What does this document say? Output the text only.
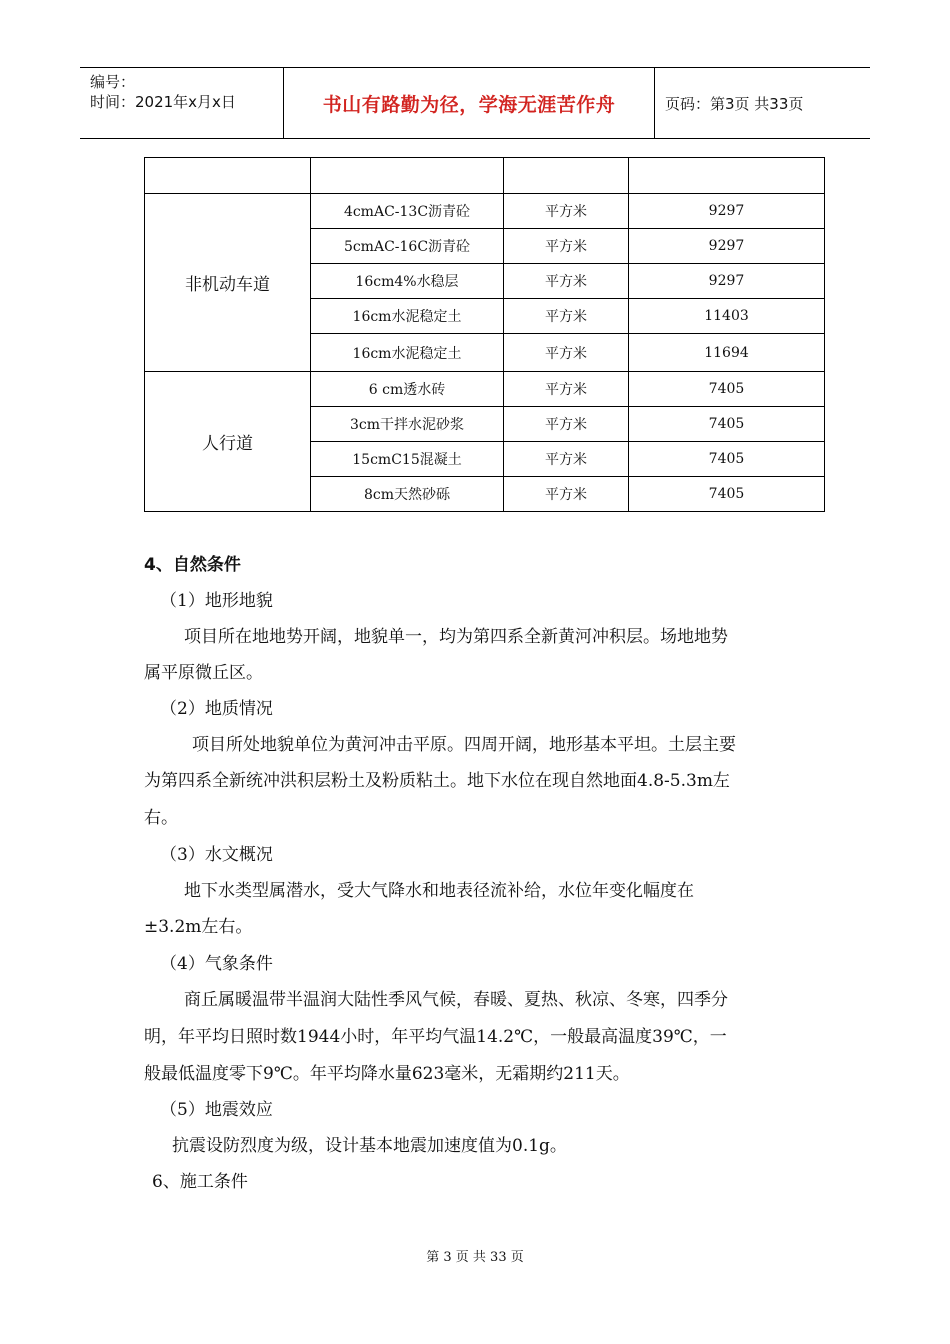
编号：
时间：2021年x月x日	书山有路勤为径，学海无涯苦作舟	页码：第3页 共33页

非机动车道	4cmAC-13C沥青砼	平方米	9297
	5cmAC-16C沥青砼	平方米	9297
	16cm4%水稳层	平方米	9297
	16cm水泥稳定土	平方米	11403
	16cm水泥稳定土	平方米	11694
人行道	6 cm透水砖	平方米	7405
	3cm干拌水泥砂浆	平方米	7405
	15cmC15混凝土	平方米	7405
	8cm天然砂砾	平方米	7405

4、自然条件

（1）地形地貌

项目所在地地势开阔，地貌单一，均为第四系全新黄河冲积层。场地地势

属平原微丘区。

（2）地质情况

项目所处地貌单位为黄河冲击平原。四周开阔，地形基本平坦。土层主要

为第四系全新统冲洪积层粉土及粉质粘土。地下水位在现自然地面4.8-5.3m左

右。

（3）水文概况

地下水类型属潜水，受大气降水和地表径流补给，水位年变化幅度在

±3.2m左右。

（4）气象条件

商丘属暖温带半温润大陆性季风气候，春暖、夏热、秋凉、冬寒，四季分

明，年平均日照时数1944小时，年平均气温14.2℃，一般最高温度39℃，一

般最低温度零下9℃。年平均降水量623毫米，无霜期约211天。

（5）地震效应

抗震设防烈度为级，设计基本地震加速度值为0.1g。

6、施工条件

第 3 页 共 33 页
